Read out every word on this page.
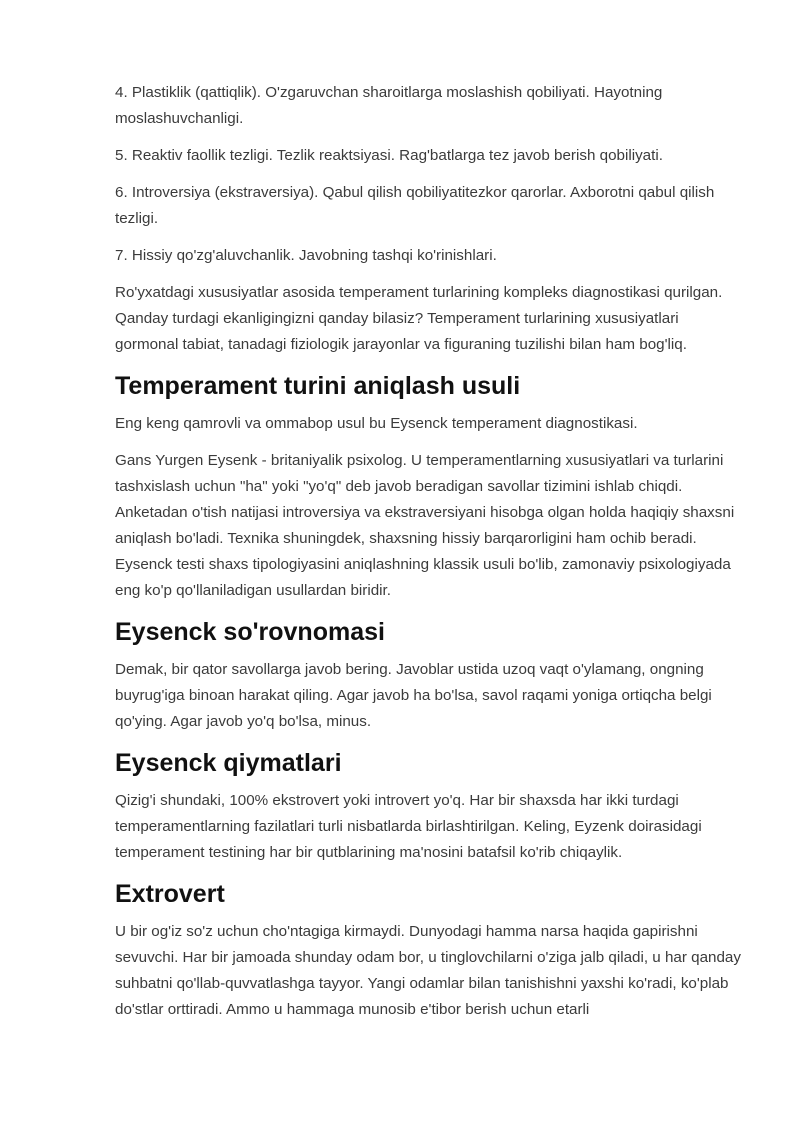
4. Plastiklik (qattiqlik). O'zgaruvchan sharoitlarga moslashish qobiliyati. Hayotning moslashuvchanligi.

5. Reaktiv faollik tezligi. Tezlik reaktsiyasi. Rag'batlarga tez javob berish qobiliyati.

6. Introversiya (ekstraversiya). Qabul qilish qobiliyatitezkor qarorlar. Axborotni qabul qilish tezligi.

7. Hissiy qo'zg'aluvchanlik. Javobning tashqi ko'rinishlari.

Ro'yxatdagi xususiyatlar asosida temperament turlarining kompleks diagnostikasi qurilgan. Qanday turdagi ekanligingizni qanday bilasiz? Temperament turlarining xususiyatlari gormonal tabiat, tanadagi fiziologik jarayonlar va figuraning tuzilishi bilan ham bog'liq.

Temperament turini aniqlash usuli

Eng keng qamrovli va ommabop usul bu Eysenck temperament diagnostikasi.

Gans Yurgen Eysenk - britaniyalik psixolog. U temperamentlarning xususiyatlari va turlarini tashxislash uchun "ha" yoki "yo'q" deb javob beradigan savollar tizimini ishlab chiqdi. Anketadan o'tish natijasi introversiya va ekstraversiyani hisobga olgan holda haqiqiy shaxsni aniqlash bo'ladi. Texnika shuningdek, shaxsning hissiy barqarorligini ham ochib beradi. Eysenck testi shaxs tipologiyasini aniqlashning klassik usuli bo'lib, zamonaviy psixologiyada eng ko'p qo'llaniladigan usullardan biridir.

Eysenck so'rovnomasi

Demak, bir qator savollarga javob bering. Javoblar ustida uzoq vaqt o'ylamang, ongning buyrug'iga binoan harakat qiling. Agar javob ha bo'lsa, savol raqami yoniga ortiqcha belgi qo'ying. Agar javob yo'q bo'lsa, minus.

Eysenck qiymatlari

Qizig'i shundaki, 100% ekstrovert yoki introvert yo'q. Har bir shaxsda har ikki turdagi temperamentlarning fazilatlari turli nisbatlarda birlashtirilgan. Keling, Eyzenk doirasidagi temperament testining har bir qutblarining ma'nosini batafsil ko'rib chiqaylik.

Extrovert

U bir og'iz so'z uchun cho'ntagiga kirmaydi. Dunyodagi hamma narsa haqida gapirishni sevuvchi. Har bir jamoada shunday odam bor, u tinglovchilarni o'ziga jalb qiladi, u har qanday suhbatni qo'llab-quvvatlashga tayyor. Yangi odamlar bilan tanishishni yaxshi ko'radi, ko'plab do'stlar orttiradi. Ammo u hammaga munosib e'tibor berish uchun etarli
